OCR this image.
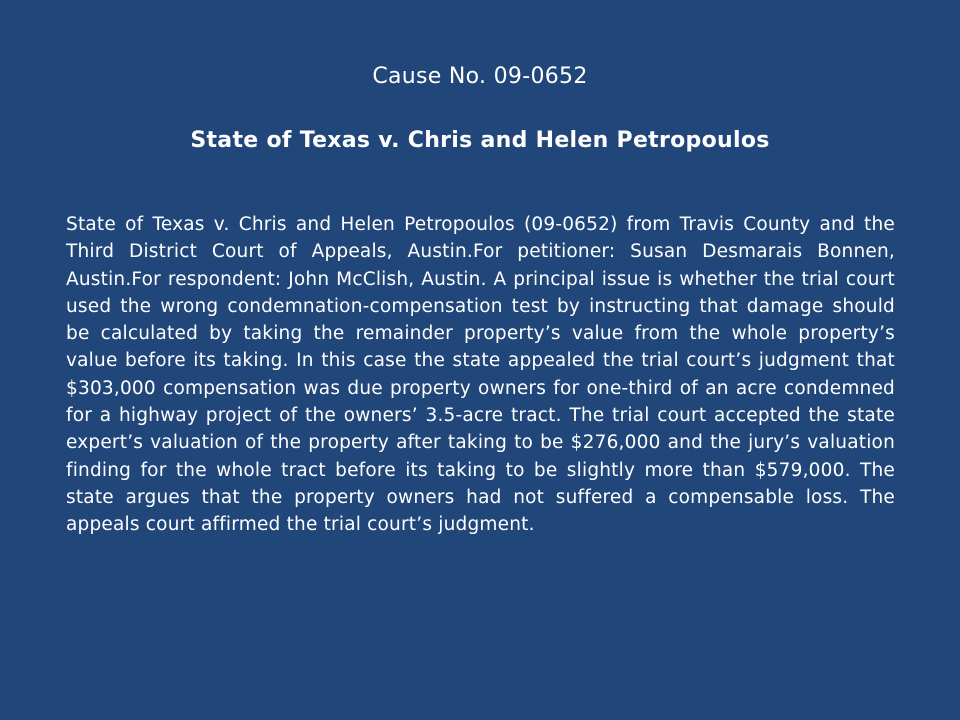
Cause No. 09-0652
State of Texas v. Chris and Helen Petropoulos
State of Texas v. Chris and Helen Petropoulos (09-0652) from Travis County and the Third District Court of Appeals, Austin.For petitioner: Susan Desmarais Bonnen, Austin.For respondent: John McClish, Austin. A principal issue is whether the trial court used the wrong condemnation-compensation test by instructing that damage should be calculated by taking the remainder property’s value from the whole property’s value before its taking. In this case the state appealed the trial court’s judgment that $303,000 compensation was due property owners for one-third of an acre condemned for a highway project of the owners’ 3.5-acre tract. The trial court accepted the state expert’s valuation of the property after taking to be $276,000 and the jury’s valuation finding for the whole tract before its taking to be slightly more than $579,000. The state argues that the property owners had not suffered a compensable loss. The appeals court affirmed the trial court’s judgment.
